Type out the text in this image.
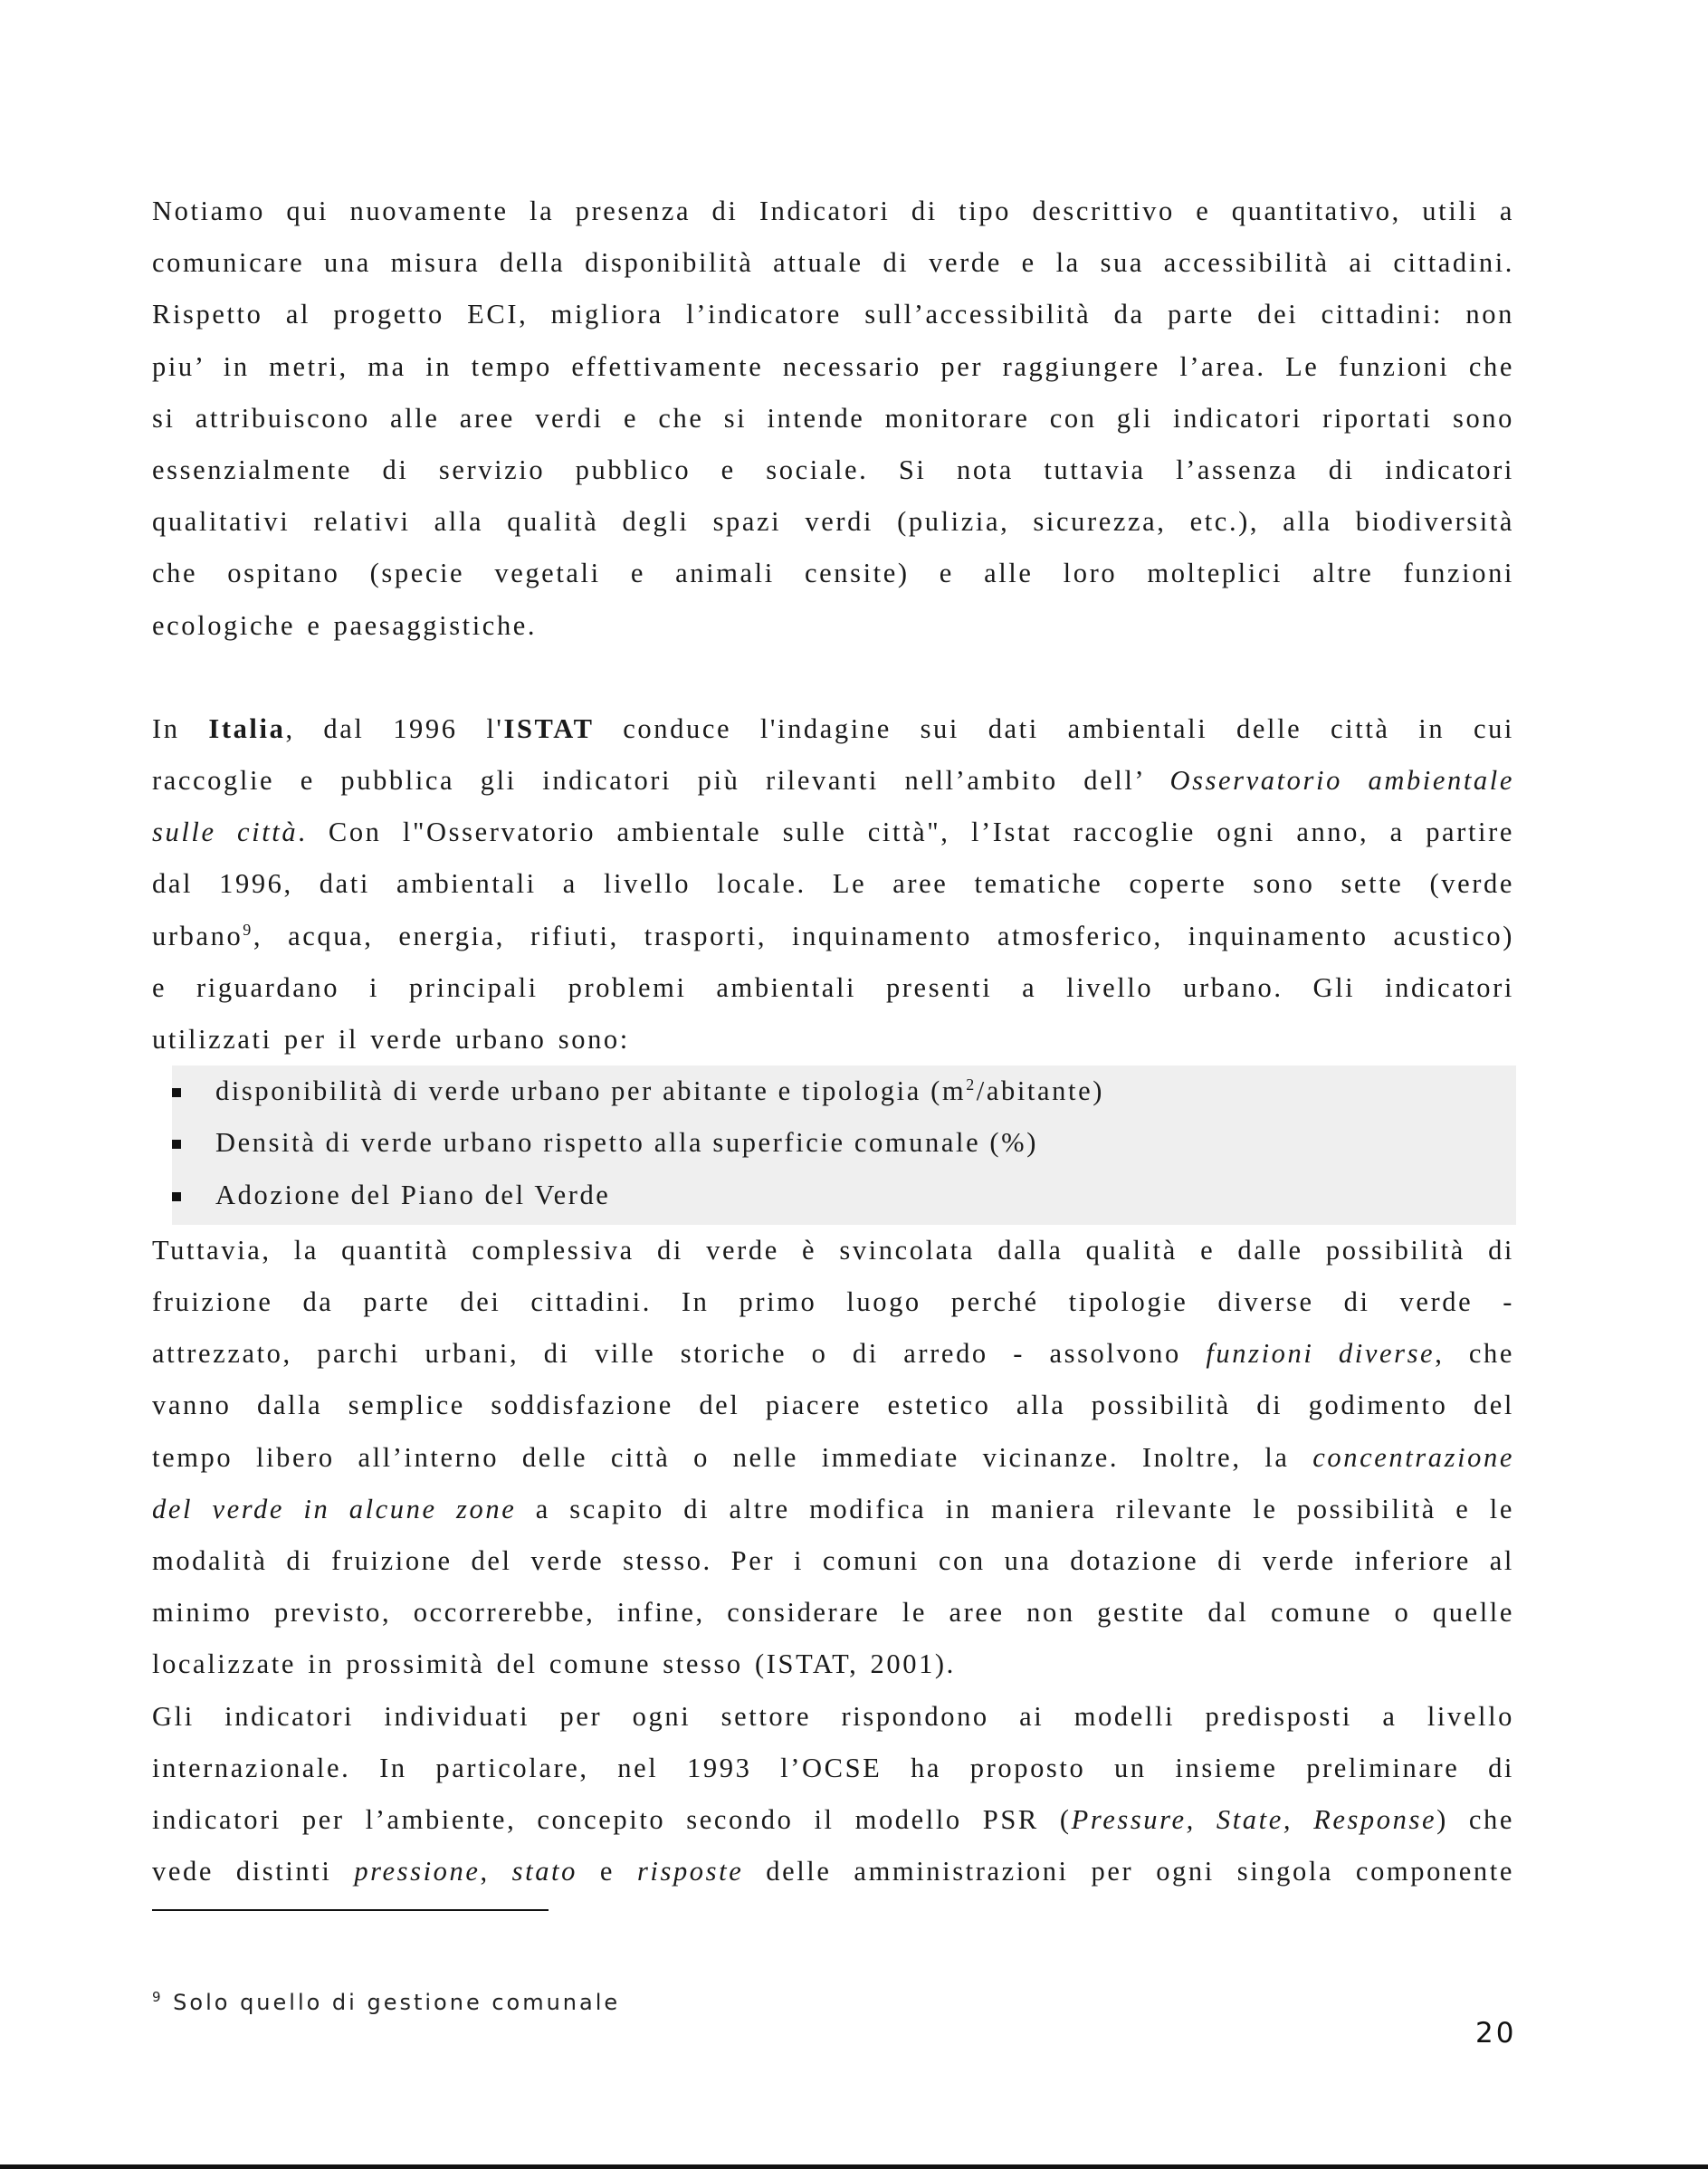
Notiamo qui nuovamente la presenza di Indicatori di tipo descrittivo e quantitativo, utili a
comunicare una misura della disponibilità attuale di verde e la sua accessibilità ai cittadini.
Rispetto al progetto ECI, migliora l’indicatore sull’accessibilità da parte dei cittadini: non
piu’ in metri, ma in tempo effettivamente necessario per raggiungere l’area. Le funzioni che
si attribuiscono alle aree verdi e che si intende monitorare con gli indicatori riportati sono
essenzialmente di servizio pubblico e sociale. Si nota tuttavia l’assenza di indicatori
qualitativi relativi alla qualità degli spazi verdi (pulizia, sicurezza, etc.), alla biodiversità
che ospitano (specie vegetali e animali censite) e alle loro molteplici altre funzioni
ecologiche e paesaggistiche.
In Italia, dal 1996 l'ISTAT conduce l'indagine sui dati ambientali delle città in cui
raccoglie e pubblica gli indicatori più rilevanti nell’ambito dell’ Osservatorio ambientale
sulle città. Con l"Osservatorio ambientale sulle città", l’Istat raccoglie ogni anno, a partire
dal 1996, dati ambientali a livello locale. Le aree tematiche coperte sono sette (verde
urbano$^9$, acqua, energia, rifiuti, trasporti, inquinamento atmosferico, inquinamento acustico)
e riguardano i principali problemi ambientali presenti a livello urbano. Gli indicatori
utilizzati per il verde urbano sono:
disponibilità di verde urbano per abitante e tipologia $(m^2/abitante)$
Densità di verde urbano rispetto alla superficie comunale (%)
Adozione del Piano del Verde
Tuttavia, la quantità complessiva di verde è svincolata dalla qualità e dalle possibilità di
fruizione da parte dei cittadini. In primo luogo perché tipologie diverse di verde -
attrezzato, parchi urbani, di ville storiche o di arredo - assolvono funzioni diverse, che
vanno dalla semplice soddisfazione del piacere estetico alla possibilità di godimento del
tempo libero all’interno delle città o nelle immediate vicinanze. Inoltre, la concentrazione
del verde in alcune zone a scapito di altre modifica in maniera rilevante le possibilità e le
modalità di fruizione del verde stesso. Per i comuni con una dotazione di verde inferiore al
minimo previsto, occorrerebbe, infine, considerare le aree non gestite dal comune o quelle
localizzate in prossimità del comune stesso (ISTAT, 2001).
Gli indicatori individuati per ogni settore rispondono ai modelli predisposti a livello
internazionale. In particolare, nel 1993 l’OCSE ha proposto un insieme preliminare di
indicatori per l’ambiente, concepito secondo il modello PSR (Pressure, State, Response) che
vede distinti pressione, stato e risposte delle amministrazioni per ogni singola componente
$^9$ Solo quello di gestione comunale
20
